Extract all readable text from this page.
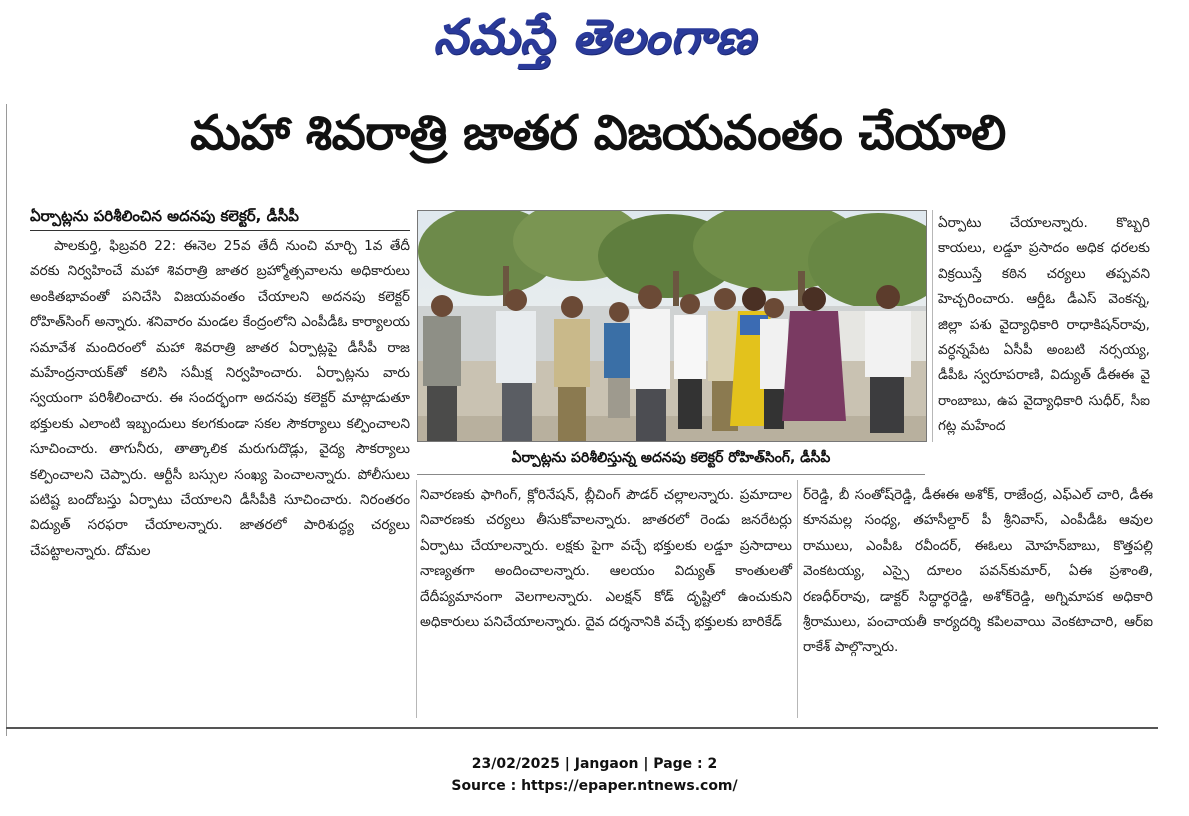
నమస్తే తెలంగాణ
మహా శివరాత్రి జాతర విజయవంతం చేయాలి
ఏర్పాట్లను పరిశీలించిన అదనపు కలెక్టర్, డీసీపీ

పాలకుర్తి, ఫిబ్రవరి 22: ఈనెల 25వ తేదీ నుంచి మార్చి 1వ తేదీ వరకు నిర్వహించే మహా శివరాత్రి జాతర బ్రహ్మోత్సవాలను అధికారులు అంకితభావంతో పనిచేసి విజయవంతం చేయాలని అదనపు కలెక్టర్ రోహిత్‌సింగ్ అన్నారు. శనివారం మండల కేంద్రంలోని ఎంపీడీఓ కార్యాలయ సమావేశ మందిరంలో మహా శివరాత్రి జాతర ఏర్పాట్లపై డీసీపీ రాజ మహేంద్రనాయక్‌తో కలిసి సమీక్ష నిర్వహించారు. ఏర్పాట్లను వారు స్వయంగా పరిశీలించారు. ఈ సందర్భంగా అదనపు కలెక్టర్ మాట్లాడుతూ భక్తులకు ఎలాంటి ఇబ్బందులు కలగకుండా సకల సౌకర్యాలు కల్పించాలని సూచించారు. తాగునీరు, తాత్కాలిక మరుగుదొడ్లు, వైద్య సౌకర్యాలు కల్పించాలని చెప్పారు. ఆర్టీసీ బస్సుల సంఖ్య పెంచాలన్నారు. పోలీసులు పటిష్ట బందోబస్తు ఏర్పాటు చేయాలని డీసీపీకి సూచించారు. నిరంతరం విద్యుత్ సరఫరా చేయాలన్నారు. జాతరలో పారిశుద్ధ్య చర్యలు చేపట్టాలన్నారు. దోమల

ఏర్పాట్లను పరిశీలిస్తున్న అదనపు కలెక్టర్ రోహిత్‌సింగ్, డీసీపీ

నివారణకు ఫాగింగ్, క్లోరినేషన్, బ్లీచింగ్ పౌడర్ చల్లాలన్నారు. ప్రమాదాల నివారణకు చర్యలు తీసుకోవాలన్నారు. జాతరలో రెండు జనరేటర్లు ఏర్పాటు చేయాలన్నారు. లక్షకు పైగా వచ్చే భక్తులకు లడ్డూ ప్రసాదాలు నాణ్యతగా అందించాలన్నారు. ఆలయం విద్యుత్ కాంతులతో దేదీప్యమానంగా వెలగాలన్నారు. ఎలక్షన్ కోడ్ దృష్టిలో ఉంచుకుని అధికారులు పనిచేయాలన్నారు. దైవ దర్శనానికి వచ్చే భక్తులకు బారికేడ్

ఏర్పాటు చేయాలన్నారు. కొబ్బరి కాయలు, లడ్డూ ప్రసాదం అధిక ధరలకు విక్రయిస్తే కఠిన చర్యలు తప్పవని హెచ్చరించారు. ఆర్డీఓ డీఎస్ వెంకన్న, జిల్లా పశు వైద్యాధికారి రాధాకిషన్‌రావు, వర్ధన్నపేట ఏసీపీ అంబటి నర్సయ్య, డీపీఓ స్వరూపరాణి, విద్యుత్ డీఈఈ వై రాంబాబు, ఉప వైద్యాధికారి సుధీర్, సీఐ గట్ల మహేంద

ర్‌రెడ్డి, బీ సంతోష్‌రెడ్డి, డీఈఈ అశోక్, రాజేంద్ర, ఎఫ్‌ఎల్ చారి, డీఈ కూనమల్ల సంధ్య, తహసీల్దార్ పీ శ్రీనివాస్, ఎంపీడీఓ ఆవుల రాములు, ఎంపీఓ రవీందర్, ఈఓలు మోహన్‌బాబు, కొత్తపల్లి వెంకటయ్య, ఎస్సై దూలం పవన్‌కుమార్, ఏఈ ప్రశాంతి, రణధీర్‌రావు, డాక్టర్ సిద్ధార్థరెడ్డి, అశోక్‌రెడ్డి, అగ్నిమాపక అధికారి శ్రీరాములు, పంచాయతీ కార్యదర్శి కపిలవాయి వెంకటాచారి, ఆర్ఐ రాకేశ్ పాల్గొన్నారు.

23/02/2025 | Jangaon | Page : 2
Source : https://epaper.ntnews.com/
